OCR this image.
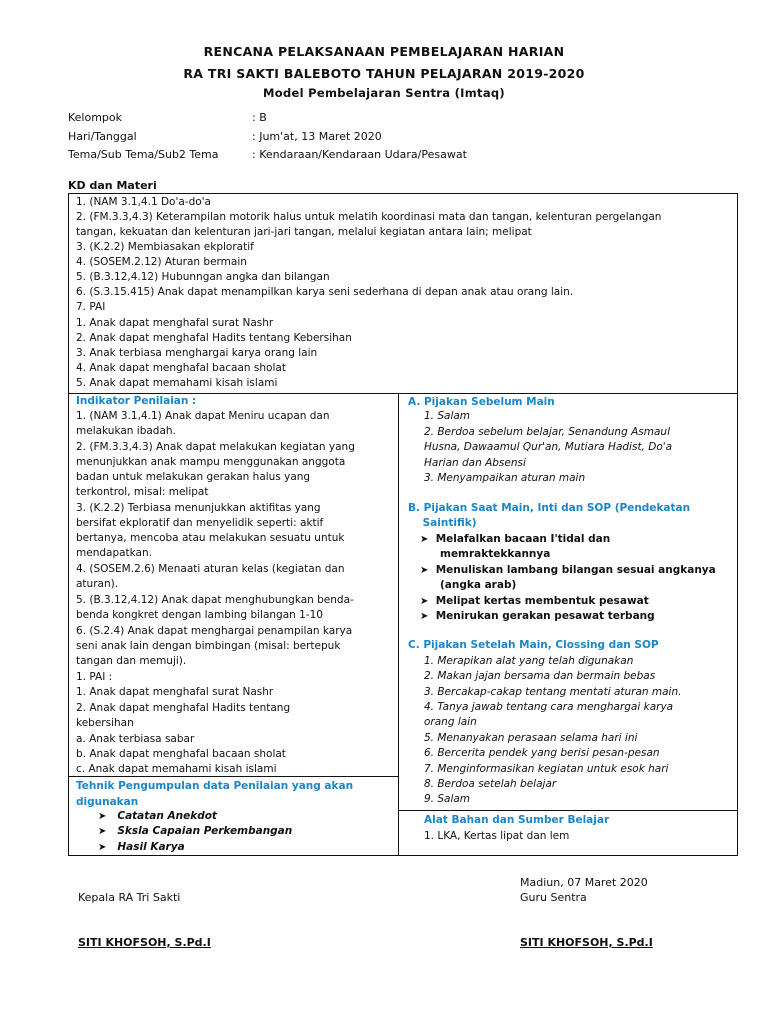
RENCANA PELAKSANAAN PEMBELAJARAN HARIAN
RA TRI SAKTI BALEBOTO TAHUN PELAJARAN 2019-2020
Model Pembelajaran Sentra (Imtaq)
Kelompok	: B
Hari/Tanggal	: Jum'at, 13 Maret 2020
Tema/Sub Tema/Sub2 Tema	: Kendaraan/Kendaraan Udara/Pesawat
KD dan Materi
1. (NAM 3.1,4.1 Do'a-do'a
2. (FM.3.3,4.3) Keterampilan motorik halus untuk melatih koordinasi mata dan tangan, kelenturan pergelangan
tangan, kekuatan dan kelenturan jari-jari tangan, melalui kegiatan antara lain; melipat
3. (K.2.2) Membiasakan ekploratif
4. (SOSEM.2.12) Aturan bermain
5. (B.3.12,4.12) Hubunngan angka dan bilangan
6. (S.3.15.415) Anak dapat menampilkan karya seni sederhana di depan anak atau orang lain.
7. PAI
1. Anak dapat menghafal surat Nashr
2. Anak dapat menghafal Hadits tentang Kebersihan
3. Anak terbiasa menghargai karya orang lain
4. Anak dapat menghafal bacaan sholat
5. Anak dapat memahami kisah islami
Indikator Penilaian :
1. (NAM 3.1,4.1) Anak dapat Meniru ucapan dan
melakukan ibadah.
2. (FM.3.3,4.3) Anak dapat melakukan kegiatan yang
menunjukkan anak mampu menggunakan anggota
badan untuk melakukan gerakan halus yang
terkontrol, misal: melipat
3. (K.2.2) Terbiasa menunjukkan aktifitas yang
bersifat ekploratif dan menyelidik seperti: aktif
bertanya, mencoba atau melakukan sesuatu untuk
mendapatkan.
4. (SOSEM.2.6) Menaati aturan kelas (kegiatan dan
aturan).
5. (B.3.12,4.12) Anak dapat menghubungkan benda-
benda kongkret dengan lambing bilangan 1-10
6. (S.2.4) Anak dapat menghargai penampilan karya
seni anak lain dengan bimbingan (misal: bertepuk
tangan dan memuji).
1. PAI :
1. Anak dapat menghafal surat Nashr
2. Anak dapat menghafal Hadits tentang
kebersihan
a. Anak terbiasa sabar
b. Anak dapat menghafal bacaan sholat
c. Anak dapat memahami kisah islami
Tehnik Pengumpulan data Penilaian yang akan
digunakan
➤ Catatan Anekdot
➤ Sksla Capaian Perkembangan
➤ Hasil Karya
A. Pijakan Sebelum Main
1. Salam
2. Berdoa sebelum belajar, Senandung Asmaul
Husna, Dawaamul Qur'an, Mutiara Hadist, Do'a
Harian dan Absensi
3. Menyampaikan aturan main
B. Pijakan Saat Main, Inti dan SOP (Pendekatan
Saintifik)
➤ Melafalkan bacaan I'tidal dan
memraktekkannya
➤ Menuliskan lambang bilangan sesuai angkanya
(angka arab)
➤ Melipat kertas membentuk pesawat
➤ Menirukan gerakan pesawat terbang
C. Pijakan Setelah Main, Clossing dan SOP
1. Merapikan alat yang telah digunakan
2. Makan jajan bersama dan bermain bebas
3. Bercakap-cakap tentang mentati aturan main.
4. Tanya jawab tentang cara menghargai karya
orang lain
5. Menanyakan perasaan selama hari ini
6. Bercerita pendek yang berisi pesan-pesan
7. Menginformasikan kegiatan untuk esok hari
8. Berdoa setelah belajar
9. Salam
Alat Bahan dan Sumber Belajar
1. LKA, Kertas lipat dan lem
Madiun, 07 Maret 2020
Kepala RA Tri Sakti	Guru Sentra
SITI KHOFSOH, S.Pd.I	SITI KHOFSOH, S.Pd.I
